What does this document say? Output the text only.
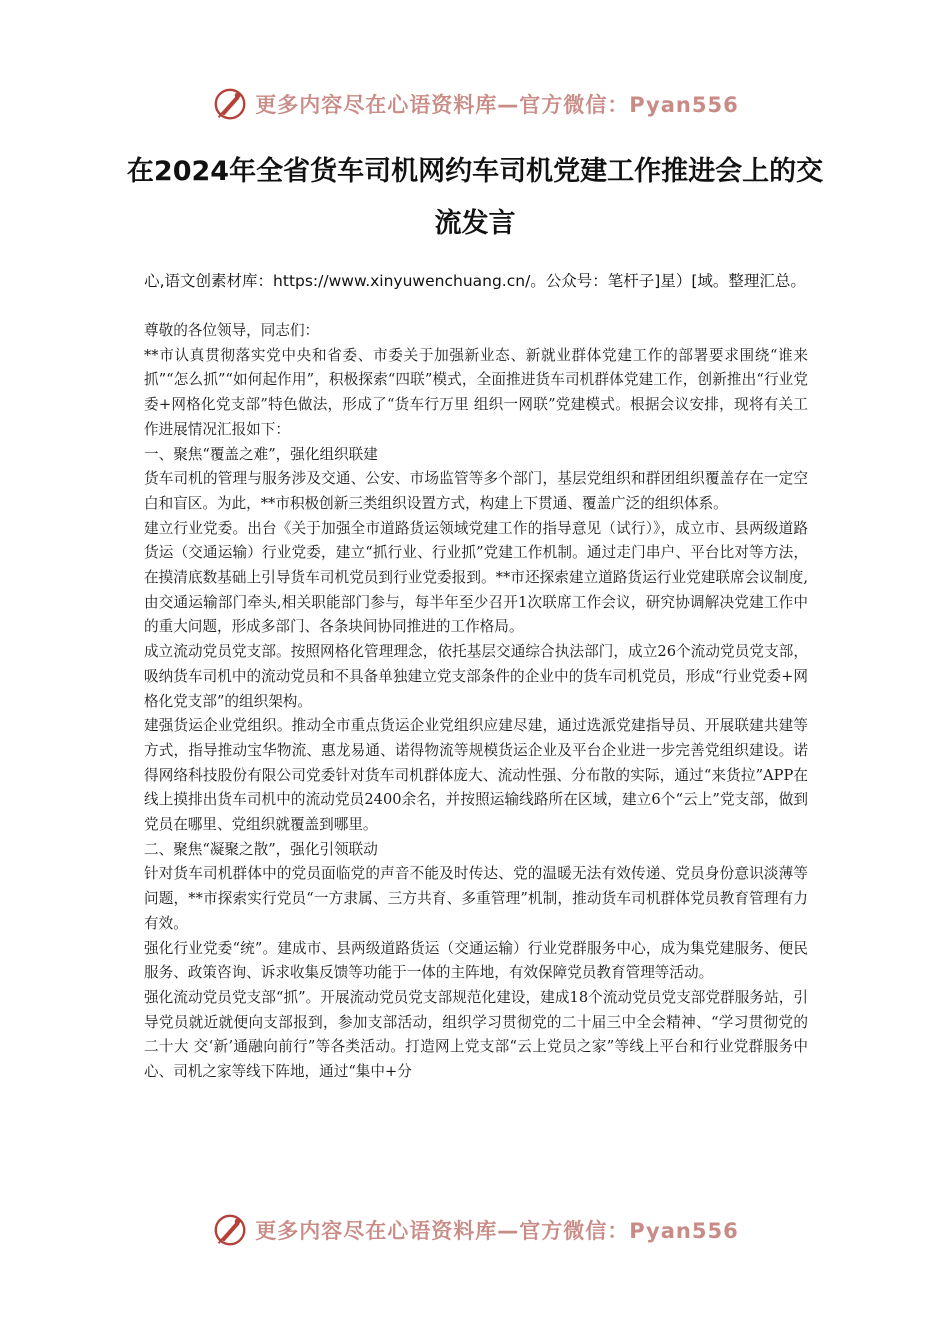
更多内容尽在心语资料库—官方微信：Pyan556
在2024年全省货车司机网约车司机党建工作推进会上的交流发言
心,语文创素材库：https://www.xinyuwenchuang.cn/。公众号：笔杆子]星）[域。整理汇总。

尊敬的各位领导，同志们：

**市认真贯彻落实党中央和省委、市委关于加强新业态、新就业群体党建工作的部署要求围绕“谁来抓”“怎么抓”“如何起作用”，积极探索“四联”模式，全面推进货车司机群体党建工作，创新推出“行业党委+网格化党支部”特色做法，形成了“货车行万里 组织一网联”党建模式。根据会议安排，现将有关工作进展情况汇报如下：

一、聚焦“覆盖之难”，强化组织联建

货车司机的管理与服务涉及交通、公安、市场监管等多个部门，基层党组织和群团组织覆盖存在一定空白和盲区。为此，**市积极创新三类组织设置方式，构建上下贯通、覆盖广泛的组织体系。

建立行业党委。出台《关于加强全市道路货运领域党建工作的指导意见（试行）》，成立市、县两级道路货运（交通运输）行业党委，建立“抓行业、行业抓”党建工作机制。通过走门串户、平台比对等方法，在摸清底数基础上引导货车司机党员到行业党委报到。**市还探索建立道路货运行业党建联席会议制度,由交通运输部门牵头,相关职能部门参与，每半年至少召开1次联席工作会议，研究协调解决党建工作中的重大问题，形成多部门、各条块间协同推进的工作格局。

成立流动党员党支部。按照网格化管理理念，依托基层交通综合执法部门，成立26个流动党员党支部，吸纳货车司机中的流动党员和不具备单独建立党支部条件的企业中的货车司机党员，形成“行业党委+网格化党支部”的组织架构。

建强货运企业党组织。推动全市重点货运企业党组织应建尽建，通过选派党建指导员、开展联建共建等方式，指导推动宝华物流、惠龙易通、诺得物流等规模货运企业及平台企业进一步完善党组织建设。诺得网络科技股份有限公司党委针对货车司机群体庞大、流动性强、分布散的实际，通过“来货拉”APP在线上摸排出货车司机中的流动党员2400余名，并按照运输线路所在区域，建立6个“云上”党支部，做到党员在哪里、党组织就覆盖到哪里。

二、聚焦“凝聚之散”，强化引领联动

针对货车司机群体中的党员面临党的声音不能及时传达、党的温暖无法有效传递、党员身份意识淡薄等问题，**市探索实行党员“一方隶属、三方共育、多重管理”机制，推动货车司机群体党员教育管理有力有效。

强化行业党委“统”。建成市、县两级道路货运（交通运输）行业党群服务中心，成为集党建服务、便民服务、政策咨询、诉求收集反馈等功能于一体的主阵地，有效保障党员教育管理等活动。

强化流动党员党支部“抓”。开展流动党员党支部规范化建设，建成18个流动党员党支部党群服务站，引导党员就近就便向支部报到，参加支部活动，组织学习贯彻党的二十届三中全会精神、“学习贯彻党的二十大 交‘新’通融向前行”等各类活动。打造网上党支部“云上党员之家”等线上平台和行业党群服务中心、司机之家等线下阵地，通过“集中+分

更多内容尽在心语资料库—官方微信：Pyan556
